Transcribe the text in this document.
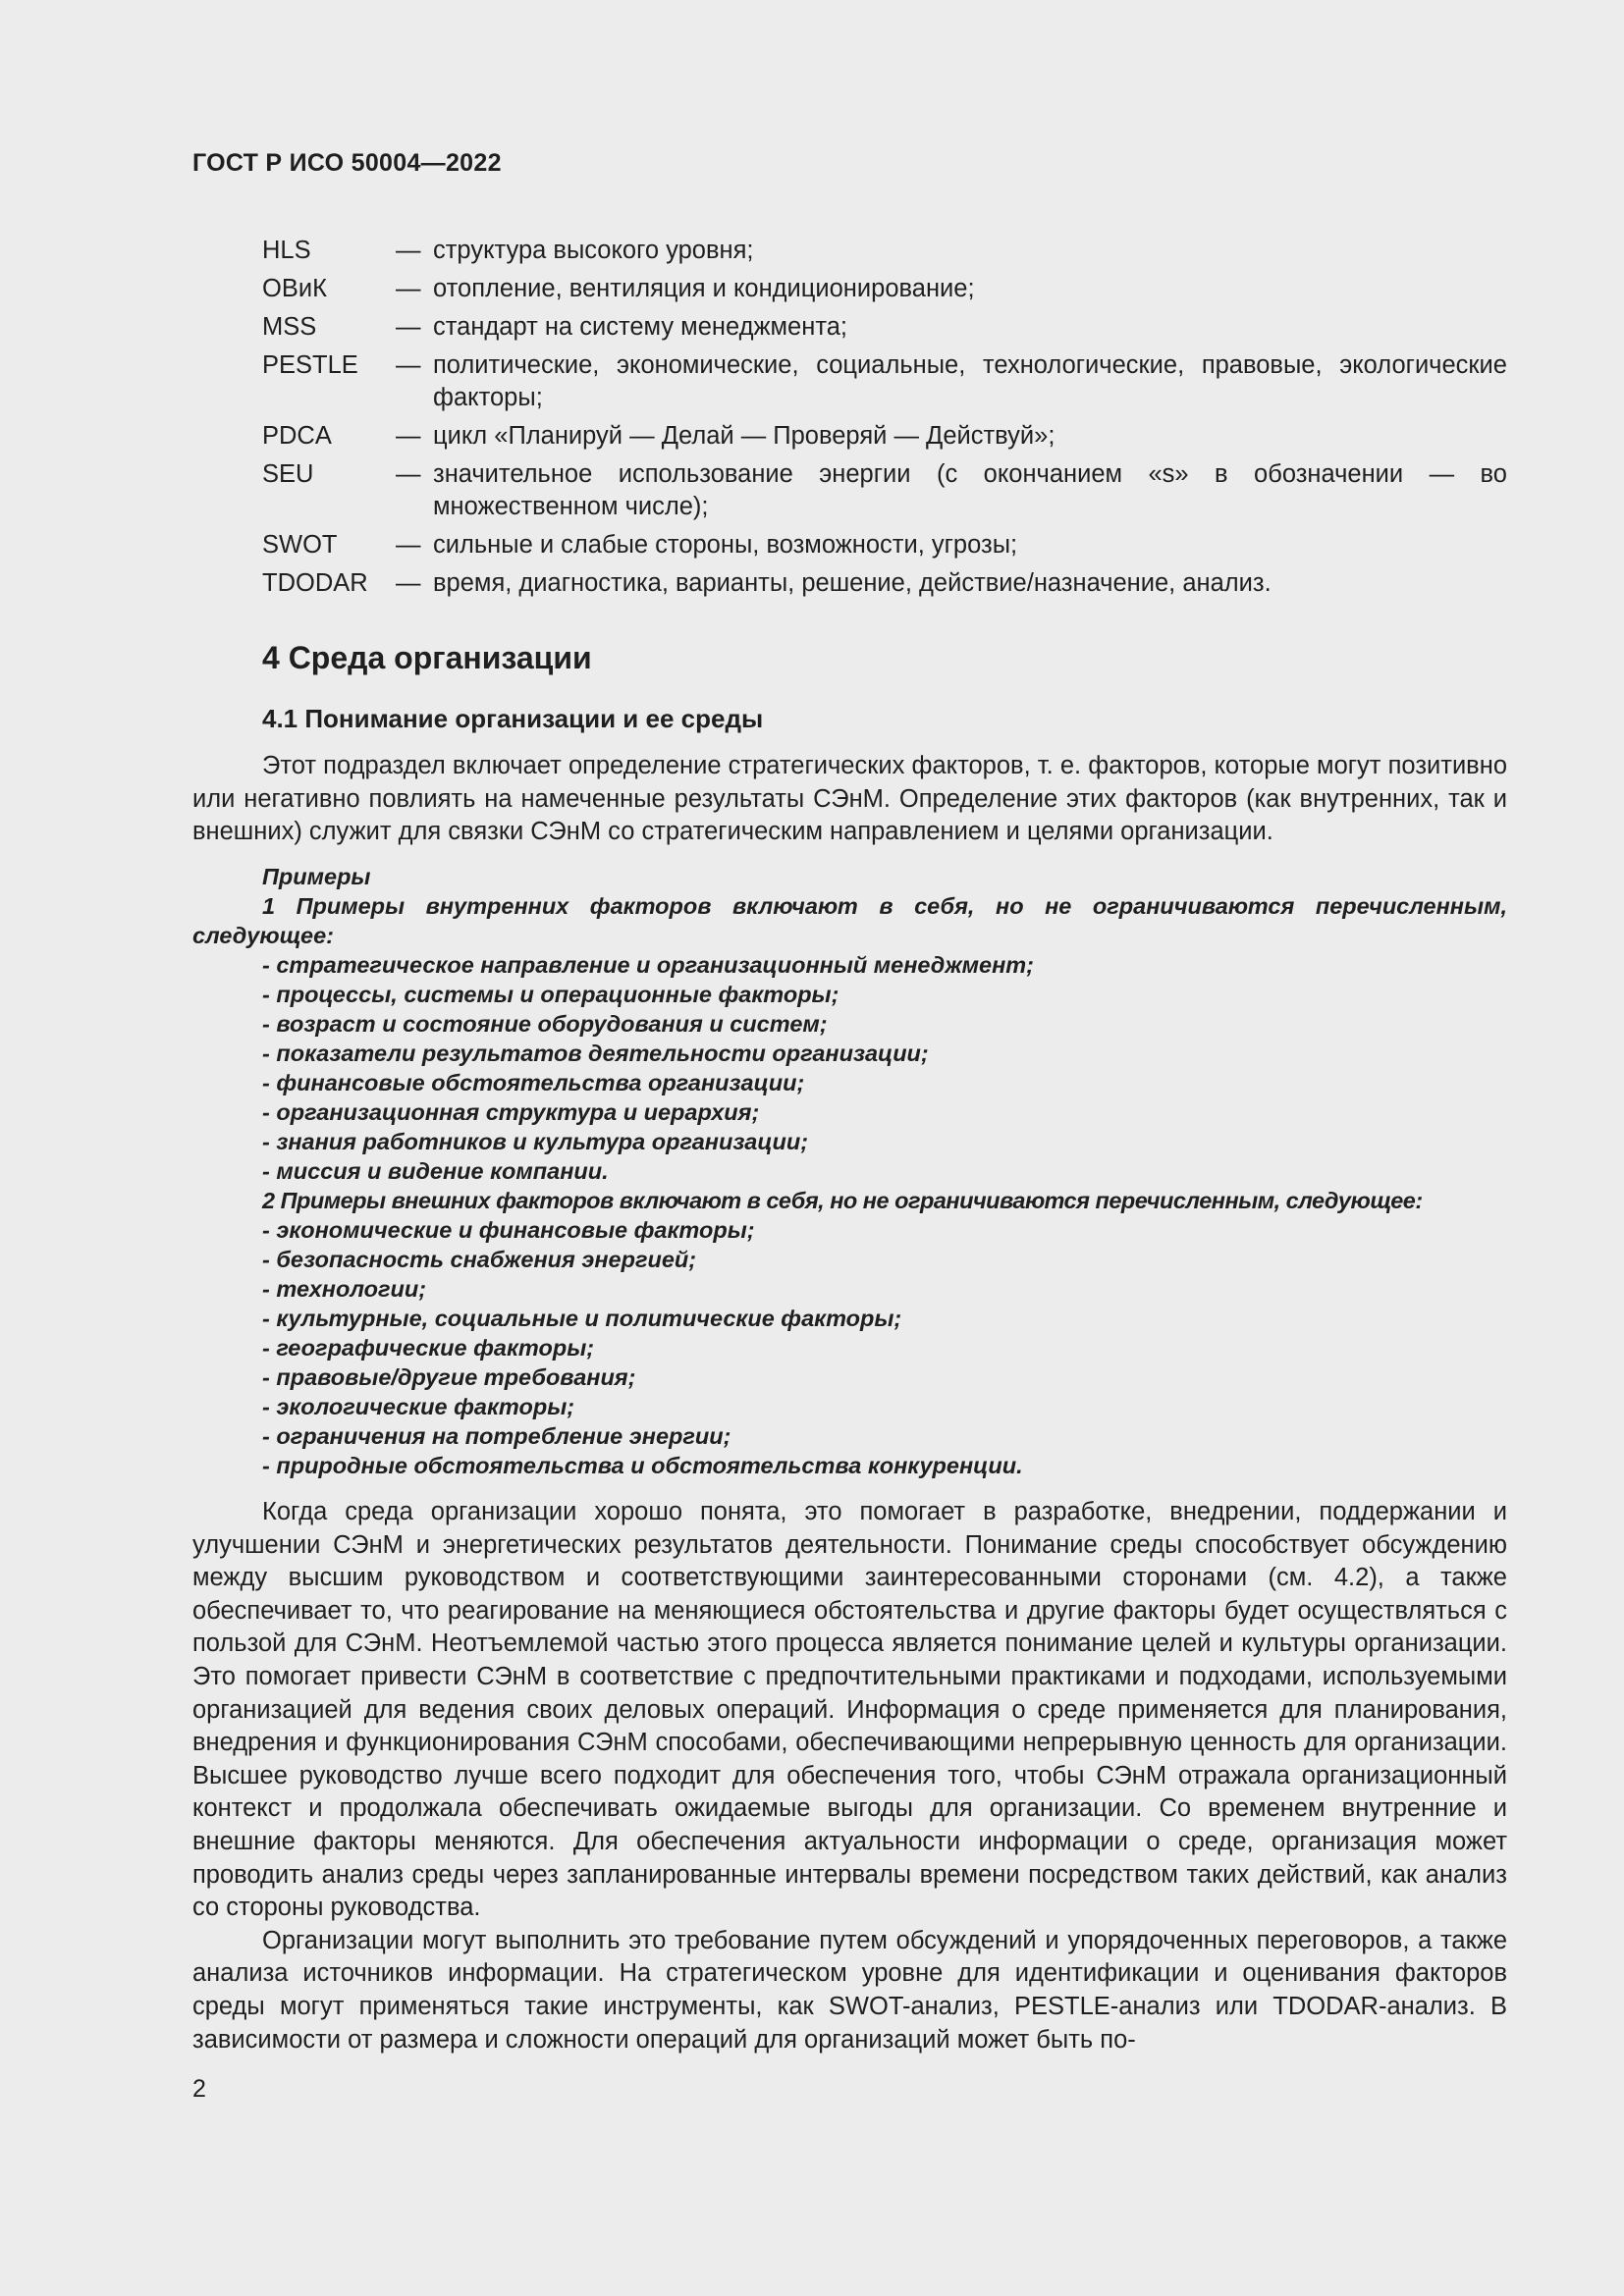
ГОСТ Р ИСО 50004—2022
HLS	— структура высокого уровня;
ОВиК	— отопление, вентиляция и кондиционирование;
MSS	— стандарт на систему менеджмента;
PESTLE	— политические, экономические, социальные, технологические, правовые, экологические факторы;
PDCA	— цикл «Планируй — Делай — Проверяй — Действуй»;
SEU	— значительное использование энергии (с окончанием «s» в обозначении — во множественном числе);
SWOT	— сильные и слабые стороны, возможности, угрозы;
TDODAR	— время, диагностика, варианты, решение, действие/назначение, анализ.
4 Среда организации
4.1 Понимание организации и ее среды

Этот подраздел включает определение стратегических факторов, т. е. факторов, которые могут позитивно или негативно повлиять на намеченные результаты СЭнМ. Определение этих факторов (как внутренних, так и внешних) служит для связки СЭнМ со стратегическим направлением и целями организации.

Примеры

1 Примеры внутренних факторов включают в себя, но не ограничиваются перечисленным, следующее:

- стратегическое направление и организационный менеджмент;
- процессы, системы и операционные факторы;
- возраст и состояние оборудования и систем;
- показатели результатов деятельности организации;
- финансовые обстоятельства организации;
- организационная структура и иерархия;
- знания работников и культура организации;
- миссия и видение компании.
2 Примеры внешних факторов включают в себя, но не ограничиваются перечисленным, следующее:
- экономические и финансовые факторы;
- безопасность снабжения энергией;
- технологии;
- культурные, социальные и политические факторы;
- географические факторы;
- правовые/другие требования;
- экологические факторы;
- ограничения на потребление энергии;
- природные обстоятельства и обстоятельства конкуренции.

Когда среда организации хорошо понята, это помогает в разработке, внедрении, поддержании и улучшении СЭнМ и энергетических результатов деятельности. Понимание среды способствует обсуждению между высшим руководством и соответствующими заинтересованными сторонами (см. 4.2), а также обеспечивает то, что реагирование на меняющиеся обстоятельства и другие факторы будет осуществляться с пользой для СЭнМ. Неотъемлемой частью этого процесса является понимание целей и культуры организации. Это помогает привести СЭнМ в соответствие с предпочтительными практиками и подходами, используемыми организацией для ведения своих деловых операций. Информация о среде применяется для планирования, внедрения и функционирования СЭнМ способами, обеспечивающими непрерывную ценность для организации. Высшее руководство лучше всего подходит для обеспечения того, чтобы СЭнМ отражала организационный контекст и продолжала обеспечивать ожидаемые выгоды для организации. Со временем внутренние и внешние факторы меняются. Для обеспечения актуальности информации о среде, организация может проводить анализ среды через запланированные интервалы времени посредством таких действий, как анализ со стороны руководства.

Организации могут выполнить это требование путем обсуждений и упорядоченных переговоров, а также анализа источников информации. На стратегическом уровне для идентификации и оценивания факторов среды могут применяться такие инструменты, как SWOT-анализ, PESTLE-анализ или TDODAR-анализ. В зависимости от размера и сложности операций для организаций может быть по-

2
